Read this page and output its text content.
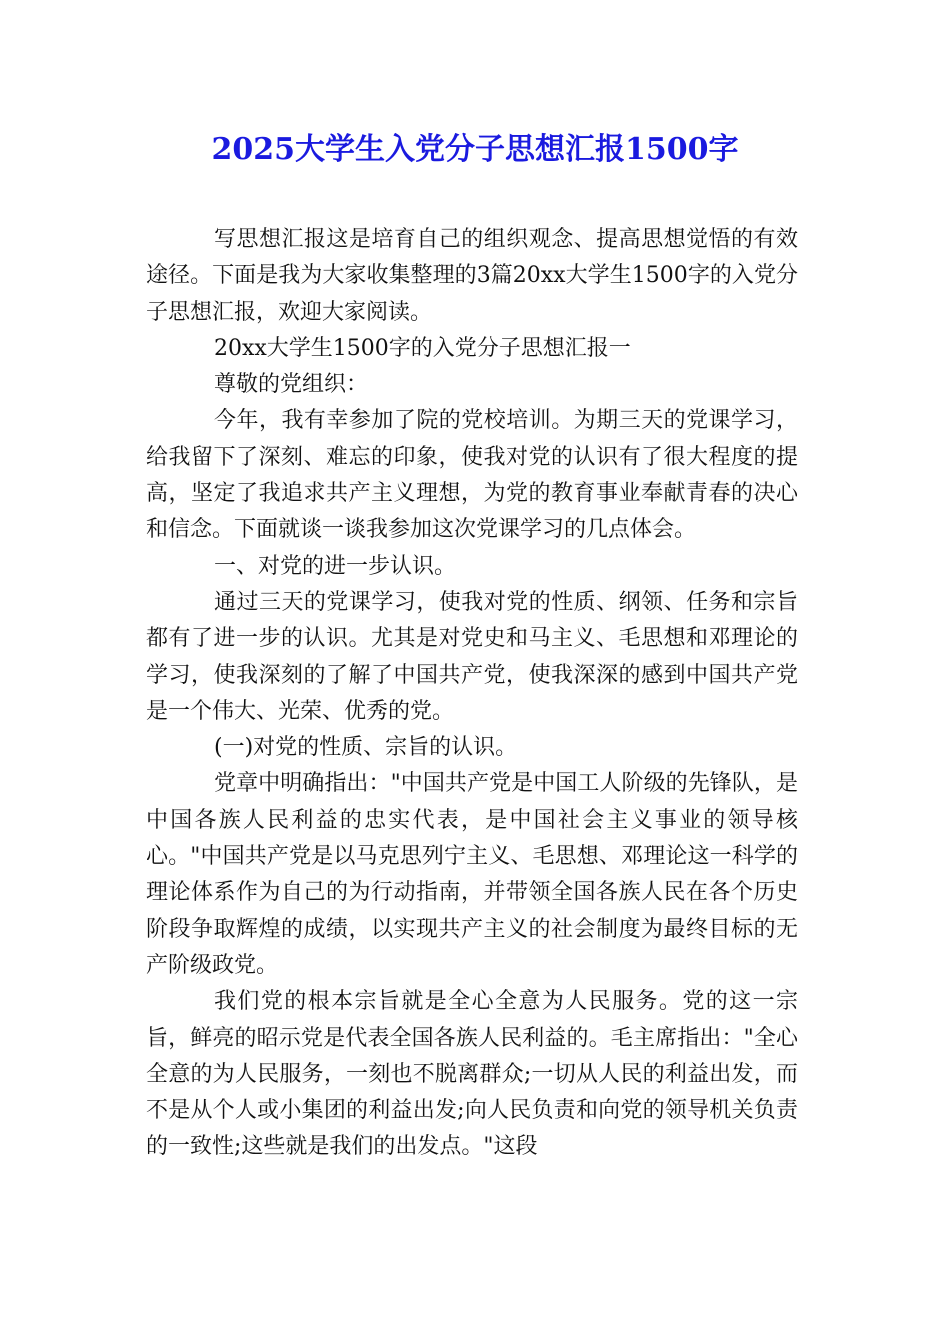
2025大学生入党分子思想汇报1500字

写思想汇报这是培育自己的组织观念、提高思想觉悟的有效途径。下面是我为大家收集整理的3篇20xx大学生1500字的入党分子思想汇报，欢迎大家阅读。

20xx大学生1500字的入党分子思想汇报一

尊敬的党组织：

今年，我有幸参加了院的党校培训。为期三天的党课学习，给我留下了深刻、难忘的印象，使我对党的认识有了很大程度的提高，坚定了我追求共产主义理想，为党的教育事业奉献青春的决心和信念。下面就谈一谈我参加这次党课学习的几点体会。

一、对党的进一步认识。

通过三天的党课学习，使我对党的性质、纲领、任务和宗旨都有了进一步的认识。尤其是对党史和马主义、毛思想和邓理论的学习，使我深刻的了解了中国共产党，使我深深的感到中国共产党是一个伟大、光荣、优秀的党。

(一)对党的性质、宗旨的认识。

党章中明确指出："中国共产党是中国工人阶级的先锋队，是中国各族人民利益的忠实代表，是中国社会主义事业的领导核心。"中国共产党是以马克思列宁主义、毛思想、邓理论这一科学的理论体系作为自己的为行动指南，并带领全国各族人民在各个历史阶段争取辉煌的成绩，以实现共产主义的社会制度为最终目标的无产阶级政党。

我们党的根本宗旨就是全心全意为人民服务。党的这一宗旨，鲜亮的昭示党是代表全国各族人民利益的。毛主席指出："全心全意的为人民服务，一刻也不脱离群众;一切从人民的利益出发，而不是从个人或小集团的利益出发;向人民负责和向党的领导机关负责的一致性;这些就是我们的出发点。"这段
